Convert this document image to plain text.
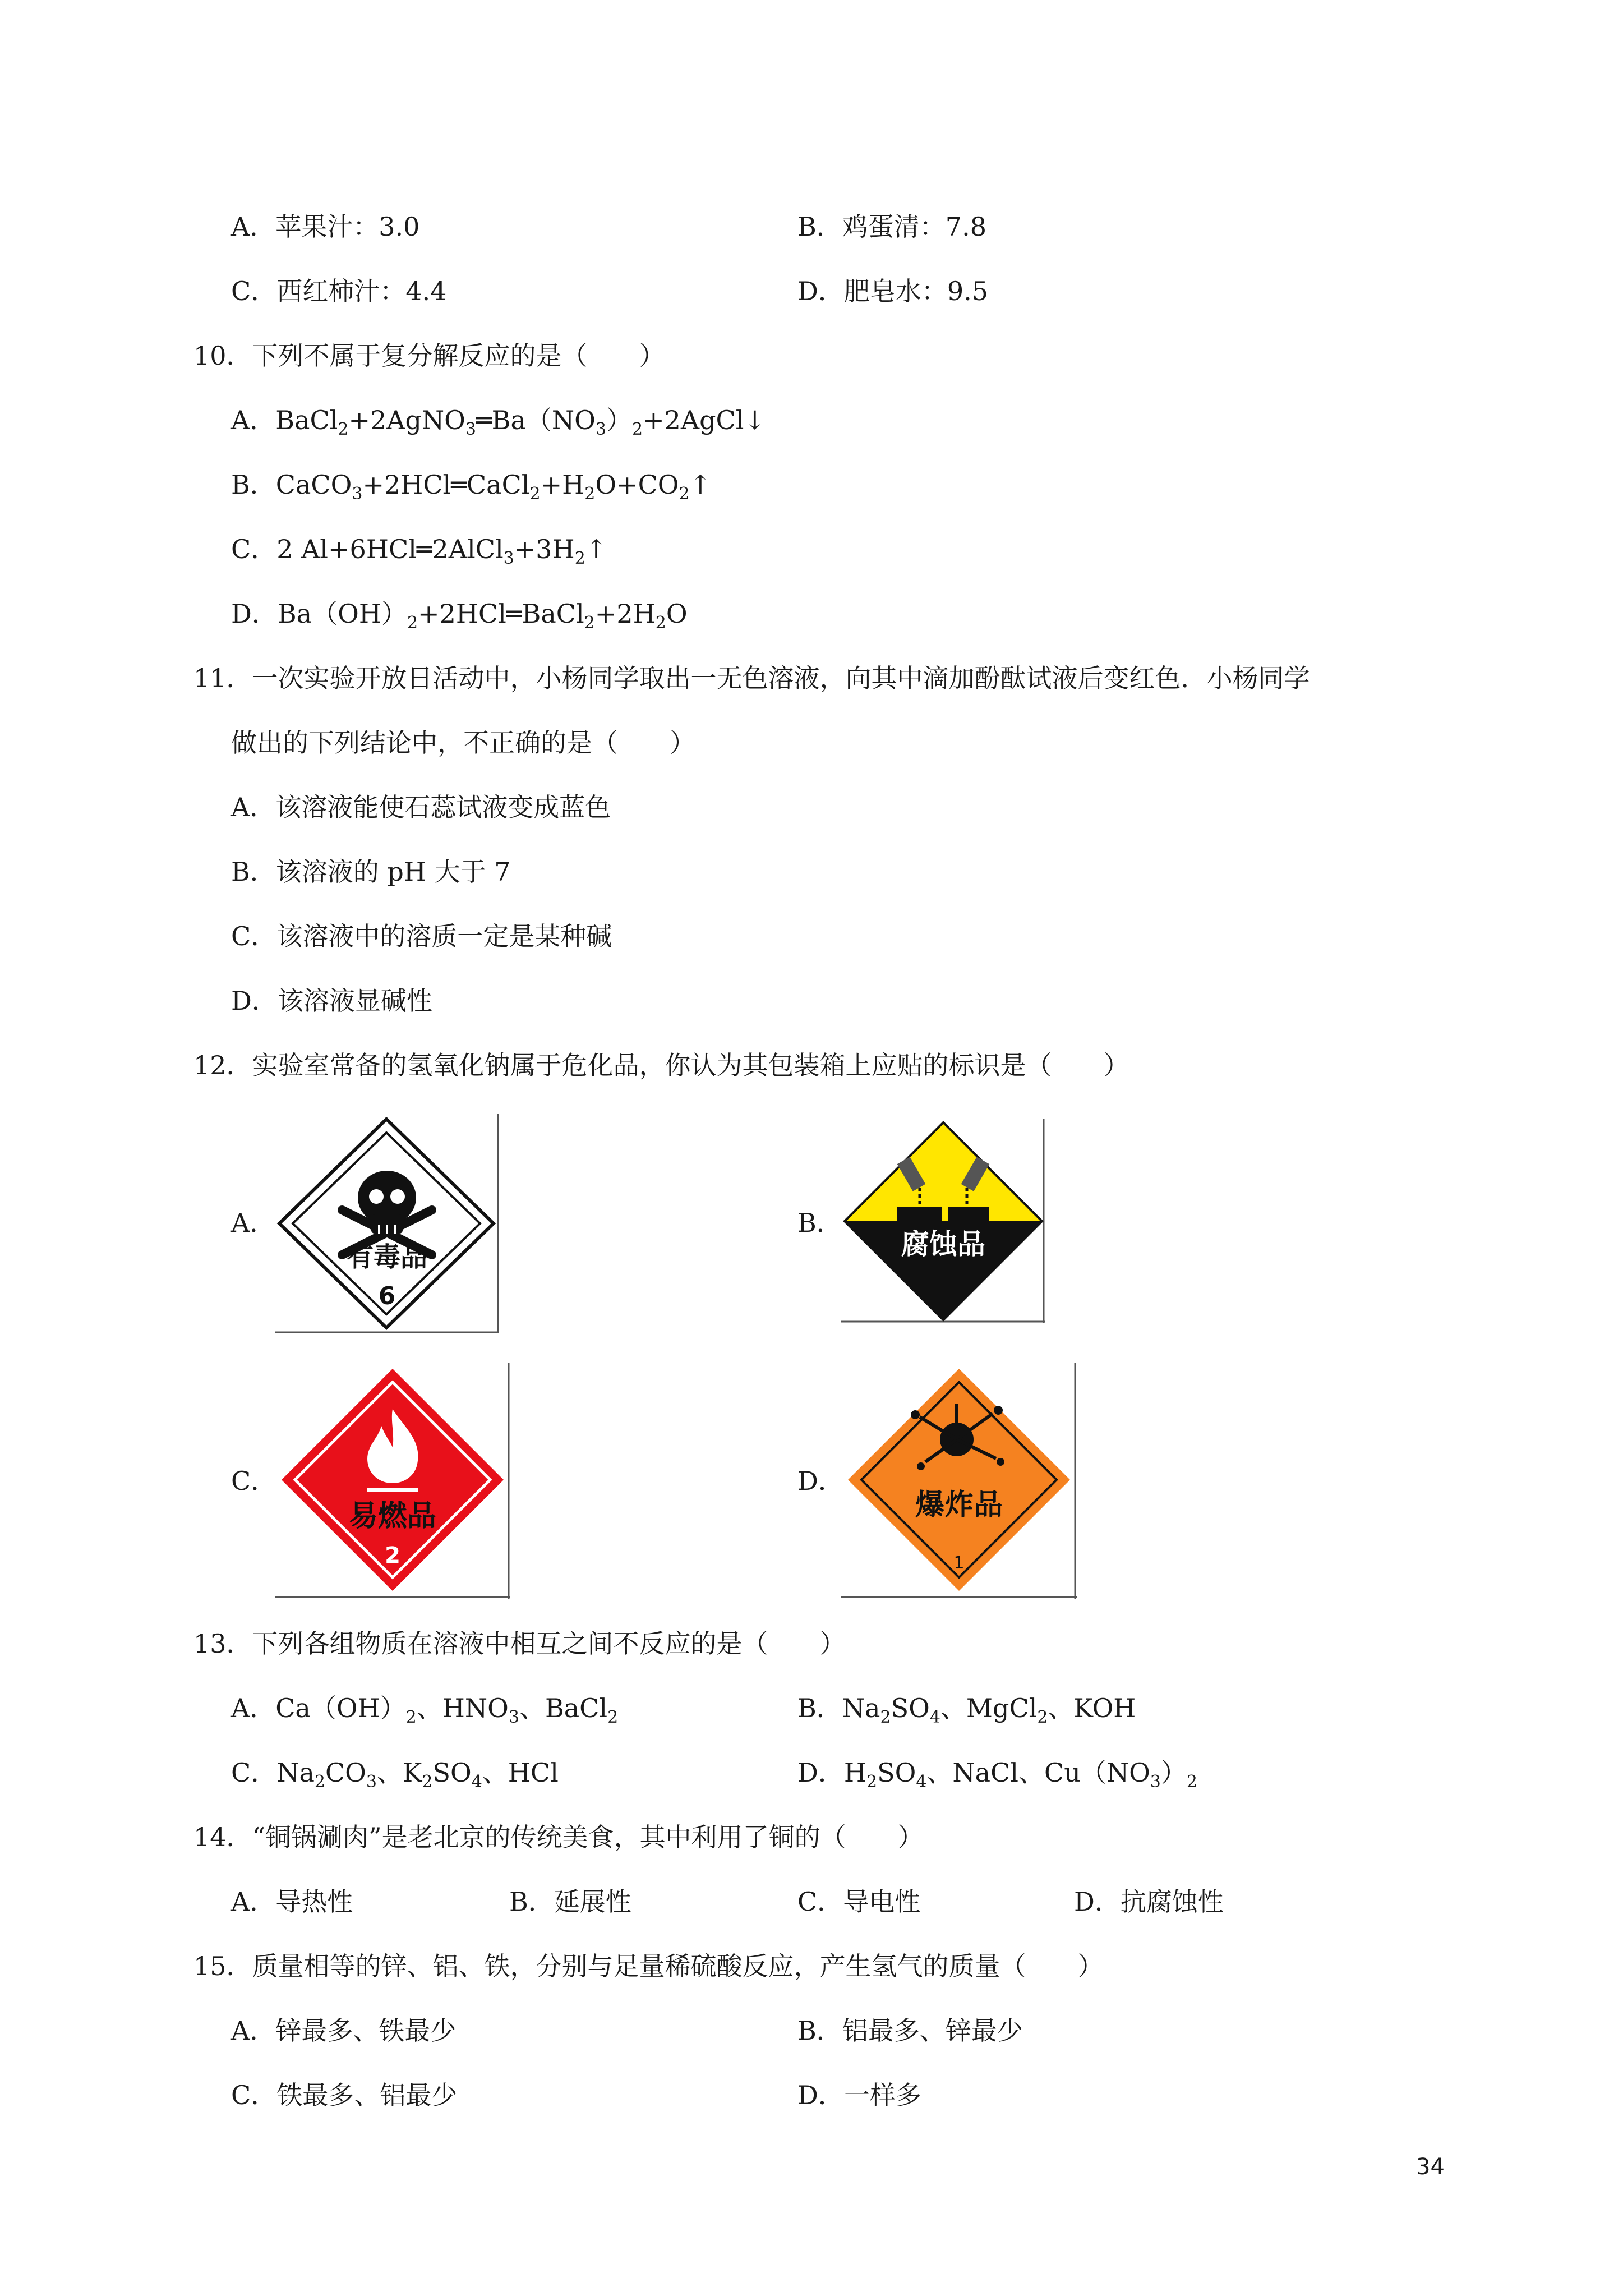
A．苹果汁：3.0	B．鸡蛋清：7.8
C．西红柿汁：4.4	D．肥皂水：9.5
10．下列不属于复分解反应的是（　　）
A．$BaCl_2+2AgNO_3═Ba(NO_3)_2+2AgCl↓$
B．$CaCO_3+2HCl═CaCl_2+H_2O+CO_2↑$
C．2 $Al+6HCl═2AlCl_3+3H_2↑$
D．$Ba(OH)_2+2HCl═BaCl_2+2H_2O$
11．一次实验开放日活动中，小杨同学取出一无色溶液，向其中滴加酚酞试液后变红色．小杨同学
做出的下列结论中，不正确的是（　　）
A．该溶液能使石蕊试液变成蓝色
B．该溶液的 pH 大于 7
C．该溶液中的溶质一定是某种碱
D．该溶液显碱性
12．实验室常备的氢氧化钠属于危化品，你认为其包装箱上应贴的标识是（　　）
A．
有毒品
6
B．
腐蚀品
C．
易燃品
2
D．
爆炸品
1
13．下列各组物质在溶液中相互之间不反应的是（　　）
A．$Ca(OH)_2$、$HNO_3$、BaCl$_2$	B．$Na_2SO_4$、MgCl$_2$、KOH
C．$Na_2CO_3$、$K_2SO_4$、HCl	D．$H_2SO_4$、NaCl、$Cu(NO_3)_2$
14．“铜锅涮肉”是老北京的传统美食，其中利用了铜的（　　）
A．导热性	B．延展性	C．导电性	D．抗腐蚀性
15．质量相等的锌、铝、铁，分别与足量稀硫酸反应，产生氢气的质量（　　）
A．锌最多、铁最少	B．铝最多、锌最少
C．铁最多、铝最少	D．一样多
34
